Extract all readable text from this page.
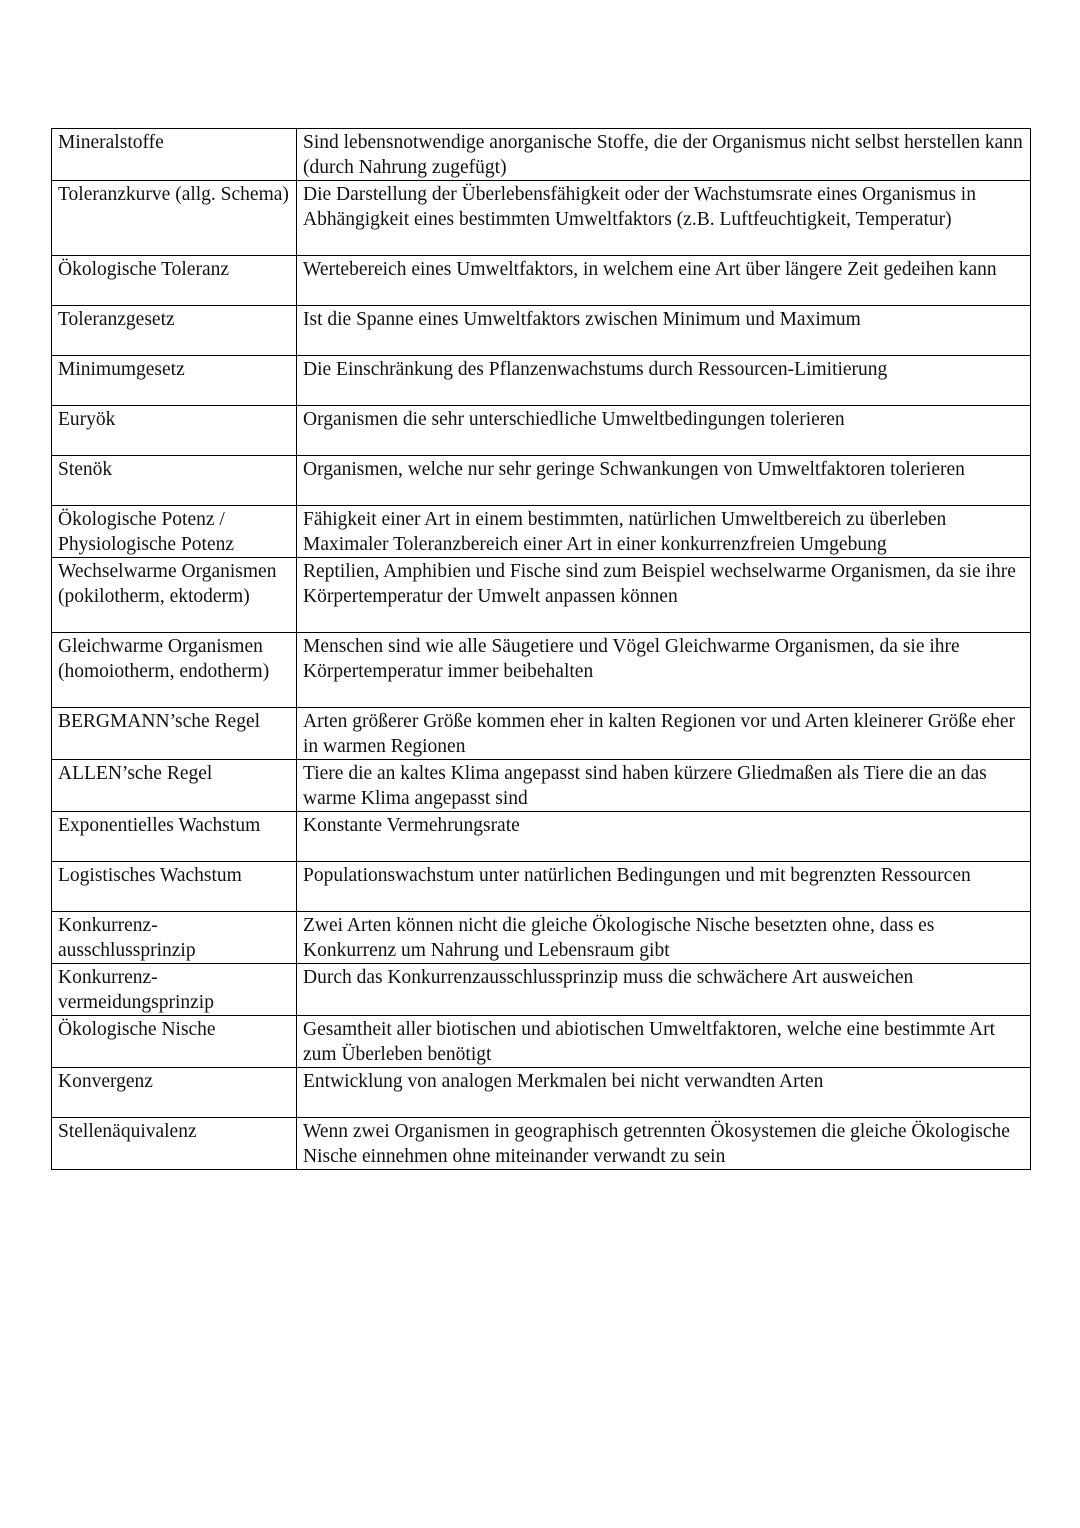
Mineralstoffe	Sind lebensnotwendige anorganische Stoffe, die der Organismus nicht selbst herstellen kann (durch Nahrung zugefügt)
Toleranzkurve (allg. Schema)	Die Darstellung der Überlebensfähigkeit oder der Wachstumsrate eines Organismus in Abhängigkeit eines bestimmten Umweltfaktors (z.B. Luftfeuchtigkeit, Temperatur)
Ökologische Toleranz	Wertebereich eines Umweltfaktors, in welchem eine Art über längere Zeit gedeihen kann
Toleranzgesetz	Ist die Spanne eines Umweltfaktors zwischen Minimum und Maximum
Minimumgesetz	Die Einschränkung des Pflanzenwachstums durch Ressourcen-Limitierung
Euryök	Organismen die sehr unterschiedliche Umweltbedingungen tolerieren
Stenök	Organismen, welche nur sehr geringe Schwankungen von Umweltfaktoren tolerieren
Ökologische Potenz / Physiologische Potenz	Fähigkeit einer Art in einem bestimmten, natürlichen Umweltbereich zu überleben Maximaler Toleranzbereich einer Art in einer konkurrenzfreien Umgebung
Wechselwarme Organismen (pokilotherm, ektoderm)	Reptilien, Amphibien und Fische sind zum Beispiel wechselwarme Organismen, da sie ihre Körpertemperatur der Umwelt anpassen können
Gleichwarme Organismen (homoiotherm, endotherm)	Menschen sind wie alle Säugetiere und Vögel Gleichwarme Organismen, da sie ihre Körpertemperatur immer beibehalten
BERGMANN’sche Regel	Arten größerer Größe kommen eher in kalten Regionen vor und Arten kleinerer Größe eher in warmen Regionen
ALLEN’sche Regel	Tiere die an kaltes Klima angepasst sind haben kürzere Gliedmaßen als Tiere die an das warme Klima angepasst sind
Exponentielles Wachstum	Konstante Vermehrungsrate
Logistisches Wachstum	Populationswachstum unter natürlichen Bedingungen und mit begrenzten Ressourcen
Konkurrenz-ausschlussprinzip	Zwei Arten können nicht die gleiche Ökologische Nische besetzten ohne, dass es Konkurrenz um Nahrung und Lebensraum gibt
Konkurrenz-vermeidungsprinzip	Durch das Konkurrenzausschlussprinzip muss die schwächere Art ausweichen
Ökologische Nische	Gesamtheit aller biotischen und abiotischen Umweltfaktoren, welche eine bestimmte Art zum Überleben benötigt
Konvergenz	Entwicklung von analogen Merkmalen bei nicht verwandten Arten
Stellenäquivalenz	Wenn zwei Organismen in geographisch getrennten Ökosystemen die gleiche Ökologische Nische einnehmen ohne miteinander verwandt zu sein
